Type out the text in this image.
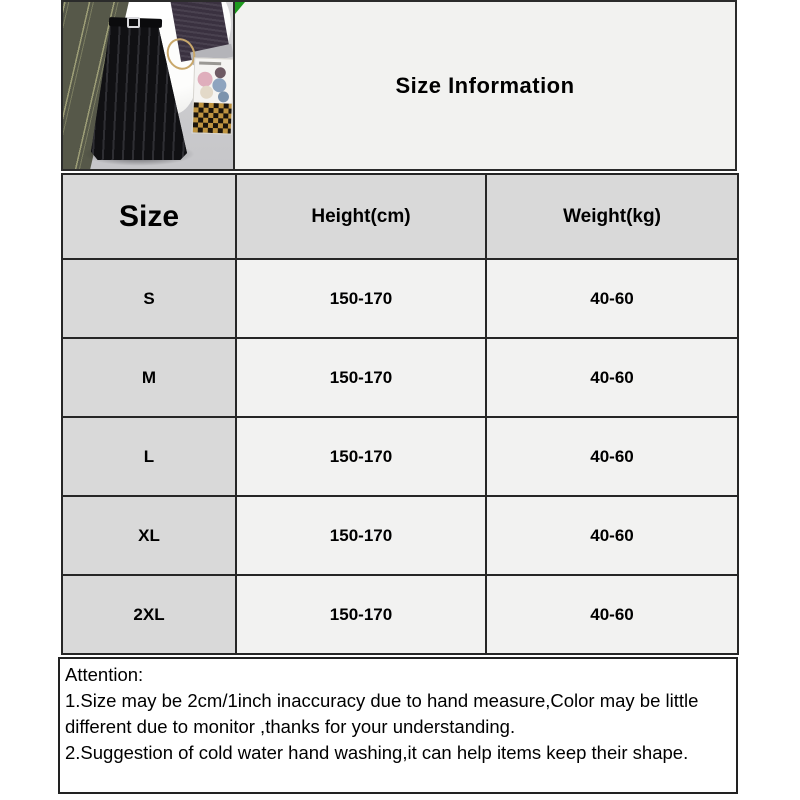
Size Information
Size	Height(cm)	Weight(kg)
S	150-170	40-60
M	150-170	40-60
L	150-170	40-60
XL	150-170	40-60
2XL	150-170	40-60
Attention:
1.Size may be 2cm/1inch inaccuracy due to hand measure,Color may be little
different due to monitor ,thanks for your understanding.
2.Suggestion of cold water hand washing,it can help items keep their shape.
